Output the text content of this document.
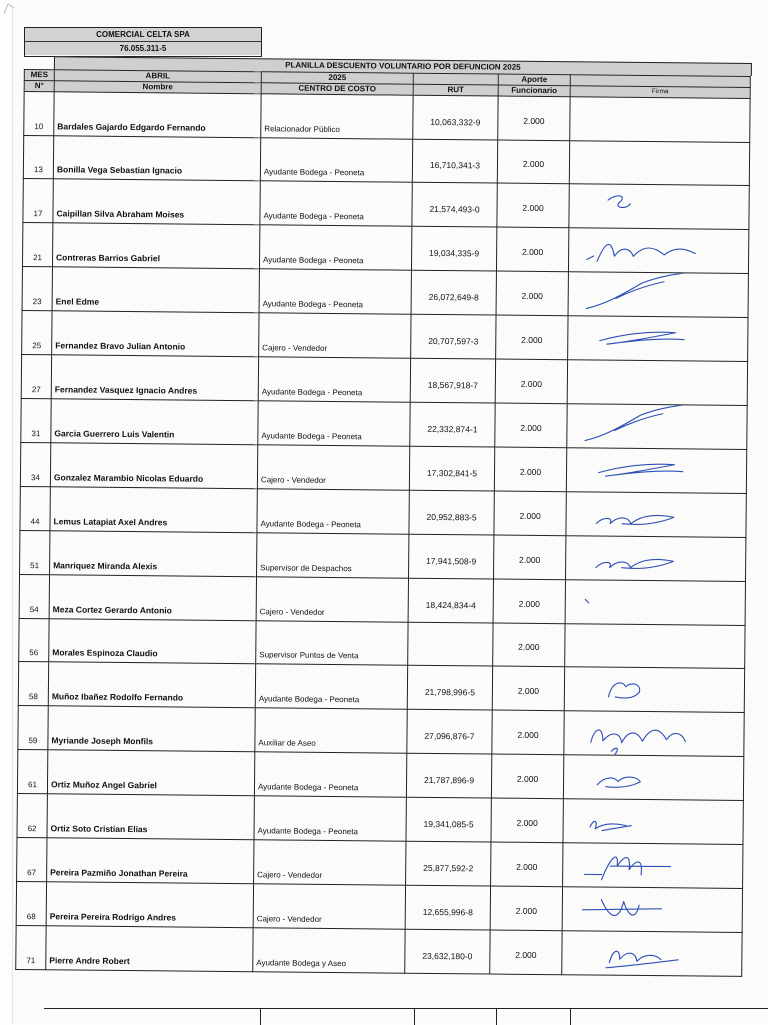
COMERCIAL CELTA SPA
76.055.311-5
PLANILLA DESCUENTO VOLUNTARIO POR DEFUNCION 2025
MES	ABRIL	2025		Aporte	
N°	Nombre	CENTRO DE COSTO	RUT	Funcionario	Firma
10	Bardales Gajardo Edgardo Fernando	Relacionador Público	10,063,332-9	2.000	
13	Bonilla Vega Sebastian Ignacio	Ayudante Bodega - Peoneta	16,710,341-3	2.000	
17	Caipillan Silva Abraham Moises	Ayudante Bodega - Peoneta	21,574,493-0	2.000	

21	Contreras Barrios Gabriel	Ayudante Bodega - Peoneta	19,034,335-9	2.000	

23	Enel Edme	Ayudante Bodega - Peoneta	26,072,649-8	2.000	

25	Fernandez Bravo Julian Antonio	Cajero - Vendedor	20,707,597-3	2.000	

27	Fernandez Vasquez Ignacio Andres	Ayudante Bodega - Peoneta	18,567,918-7	2.000	
31	Garcia Guerrero Luis Valentin	Ayudante Bodega - Peoneta	22,332,874-1	2.000	

34	Gonzalez Marambio Nicolas Eduardo	Cajero - Vendedor	17,302,841-5	2.000	

44	Lemus Latapiat Axel Andres	Ayudante Bodega - Peoneta	20,952,883-5	2.000	

51	Manriquez Miranda Alexis	Supervisor de Despachos	17,941,508-9	2.000	

54	Meza Cortez Gerardo Antonio	Cajero - Vendedor	18,424,834-4	2.000	

56	Morales Espinoza Claudio	Supervisor Puntos de Venta		2.000	
58	Muñoz Ibañez Rodolfo Fernando	Ayudante Bodega - Peoneta	21,798,996-5	2.000	

59	Myriande Joseph Monfils	Auxiliar de Aseo	27,096,876-7	2.000	

61	Ortiz Muñoz Angel Gabriel	Ayudante Bodega - Peoneta	21,787,896-9	2.000	

62	Ortiz Soto Cristian Elias	Ayudante Bodega - Peoneta	19,341,085-5	2.000	

67	Pereira Pazmiño Jonathan Pereira	Cajero - Vendedor	25,877,592-2	2.000	

68	Pereira Pereira Rodrigo Andres	Cajero - Vendedor	12,655,996-8	2.000	

71	Pierre Andre Robert	Ayudante Bodega y Aseo	23,632,180-0	2.000	
